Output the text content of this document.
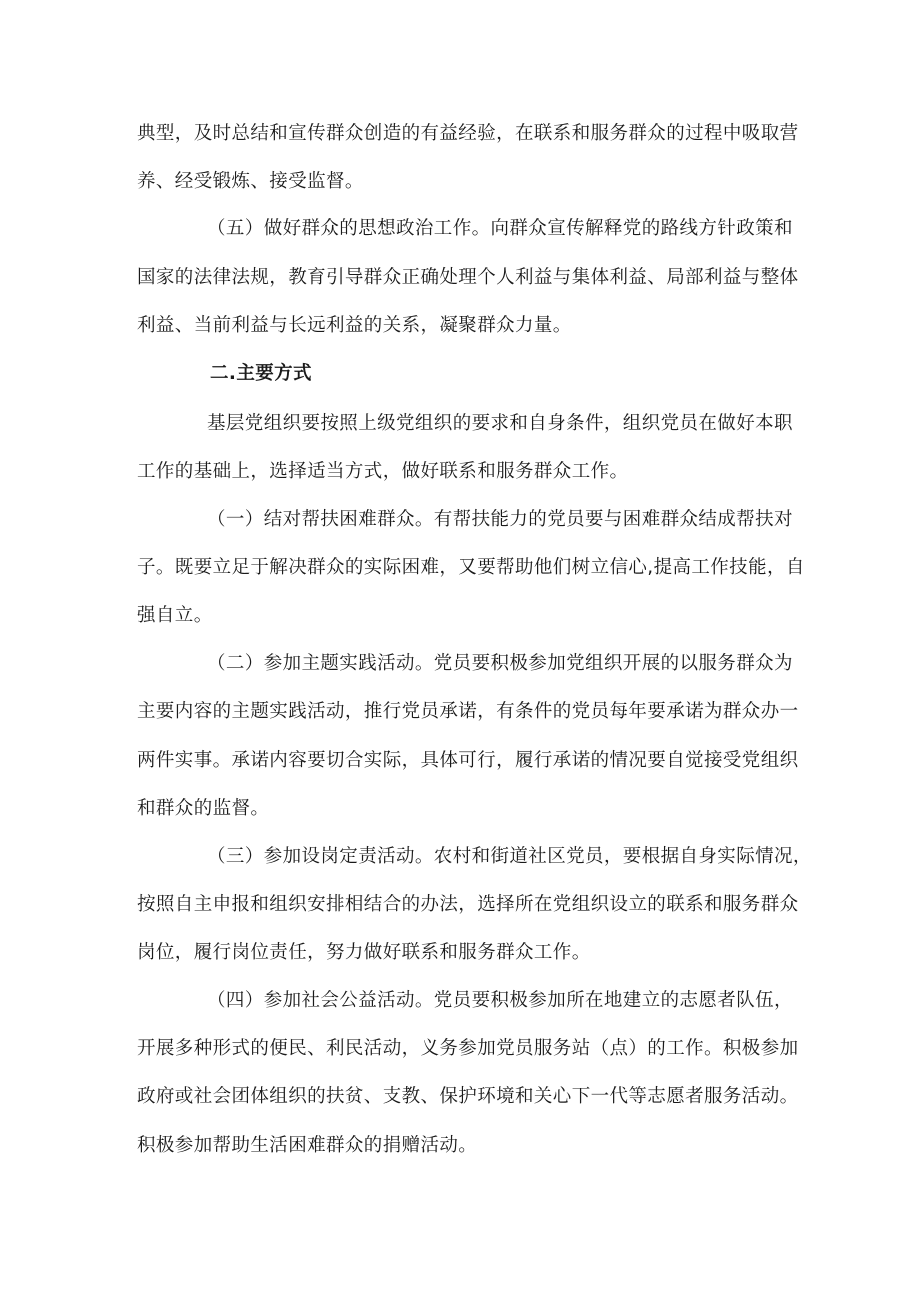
典型，及时总结和宣传群众创造的有益经验，在联系和服务群众的过程中吸取营

养、经受锻炼、接受监督。

（五）做好群众的思想政治工作。向群众宣传解释党的路线方针政策和

国家的法律法规，教育引导群众正确处理个人利益与集体利益、局部利益与整体

利益、当前利益与长远利益的关系，凝聚群众力量。

二.主要方式

基层党组织要按照上级党组织的要求和自身条件，组织党员在做好本职

工作的基础上，选择适当方式，做好联系和服务群众工作。

（一）结对帮扶困难群众。有帮扶能力的党员要与困难群众结成帮扶对

子。既要立足于解决群众的实际困难，又要帮助他们树立信心,提高工作技能，自

强自立。

（二）参加主题实践活动。党员要积极参加党组织开展的以服务群众为

主要内容的主题实践活动，推行党员承诺，有条件的党员每年要承诺为群众办一

两件实事。承诺内容要切合实际，具体可行，履行承诺的情况要自觉接受党组织

和群众的监督。

（三）参加设岗定责活动。农村和街道社区党员，要根据自身实际情况，

按照自主申报和组织安排相结合的办法，选择所在党组织设立的联系和服务群众

岗位，履行岗位责任，努力做好联系和服务群众工作。

（四）参加社会公益活动。党员要积极参加所在地建立的志愿者队伍，

开展多种形式的便民、利民活动，义务参加党员服务站（点）的工作。积极参加

政府或社会团体组织的扶贫、支教、保护环境和关心下一代等志愿者服务活动。

积极参加帮助生活困难群众的捐赠活动。
